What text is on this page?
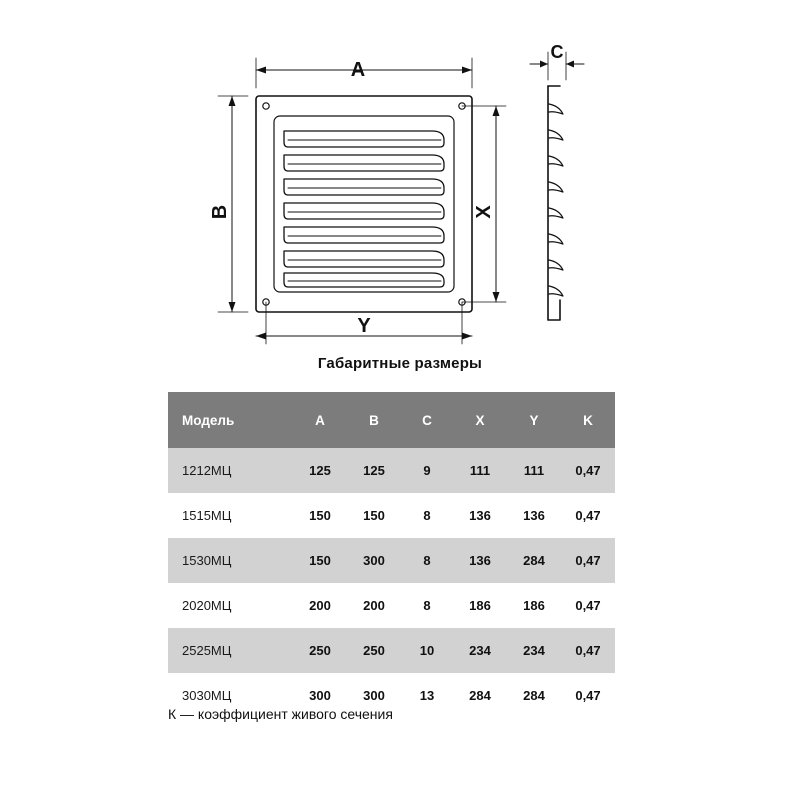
A
B	X
Y
C
Габаритные размеры
Модель	A	B	C	X	Y	K
1212МЦ	125	125	9	111	111	0,47
1515МЦ	150	150	8	136	136	0,47
1530МЦ	150	300	8	136	284	0,47
2020МЦ	200	200	8	186	186	0,47
2525МЦ	250	250	10	234	234	0,47
3030МЦ	300	300	13	284	284	0,47
К — коэффициент живого сечения
